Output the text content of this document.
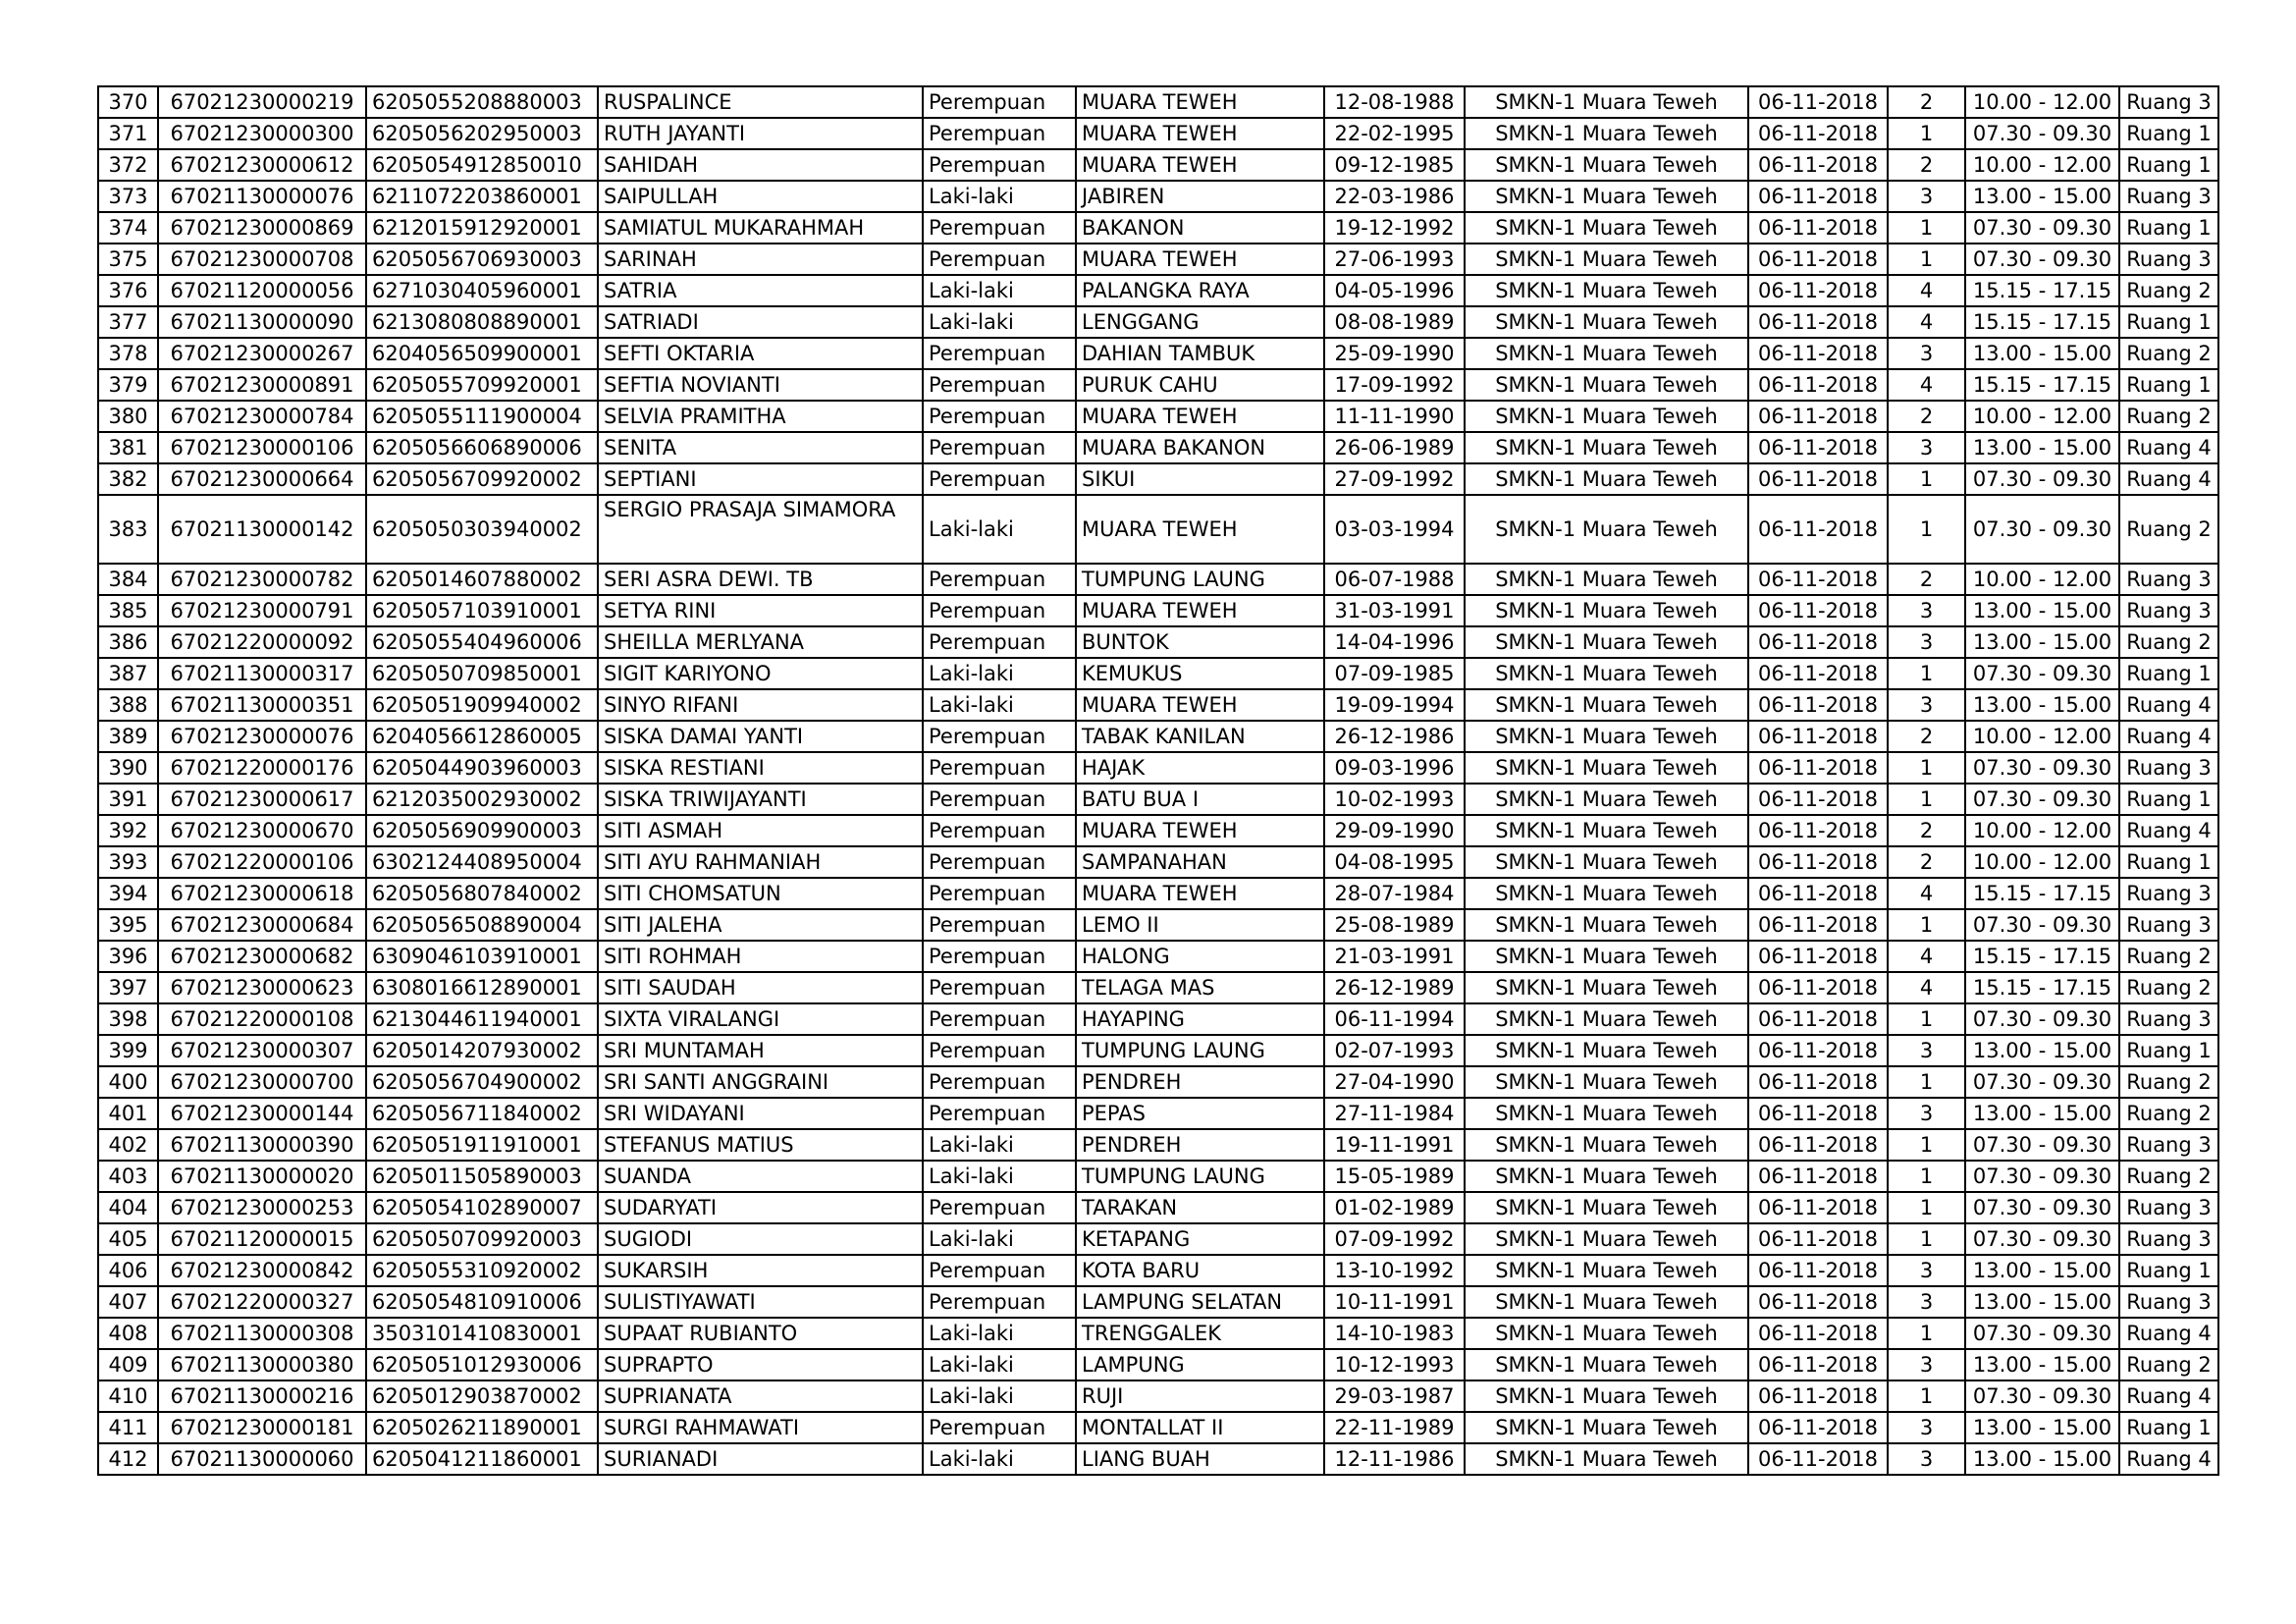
370	67021230000219	6205055208880003	RUSPALINCE	Perempuan	MUARA TEWEH	12-08-1988	SMKN-1 Muara Teweh	06-11-2018	2	10.00 - 12.00	Ruang 3
371	67021230000300	6205056202950003	RUTH JAYANTI	Perempuan	MUARA TEWEH	22-02-1995	SMKN-1 Muara Teweh	06-11-2018	1	07.30 - 09.30	Ruang 1
372	67021230000612	6205054912850010	SAHIDAH	Perempuan	MUARA TEWEH	09-12-1985	SMKN-1 Muara Teweh	06-11-2018	2	10.00 - 12.00	Ruang 1
373	67021130000076	6211072203860001	SAIPULLAH	Laki-laki	JABIREN	22-03-1986	SMKN-1 Muara Teweh	06-11-2018	3	13.00 - 15.00	Ruang 3
374	67021230000869	6212015912920001	SAMIATUL MUKARAHMAH	Perempuan	BAKANON	19-12-1992	SMKN-1 Muara Teweh	06-11-2018	1	07.30 - 09.30	Ruang 1
375	67021230000708	6205056706930003	SARINAH	Perempuan	MUARA TEWEH	27-06-1993	SMKN-1 Muara Teweh	06-11-2018	1	07.30 - 09.30	Ruang 3
376	67021120000056	6271030405960001	SATRIA	Laki-laki	PALANGKA RAYA	04-05-1996	SMKN-1 Muara Teweh	06-11-2018	4	15.15 - 17.15	Ruang 2
377	67021130000090	6213080808890001	SATRIADI	Laki-laki	LENGGANG	08-08-1989	SMKN-1 Muara Teweh	06-11-2018	4	15.15 - 17.15	Ruang 1
378	67021230000267	6204056509900001	SEFTI OKTARIA	Perempuan	DAHIAN TAMBUK	25-09-1990	SMKN-1 Muara Teweh	06-11-2018	3	13.00 - 15.00	Ruang 2
379	67021230000891	6205055709920001	SEFTIA NOVIANTI	Perempuan	PURUK CAHU	17-09-1992	SMKN-1 Muara Teweh	06-11-2018	4	15.15 - 17.15	Ruang 1
380	67021230000784	6205055111900004	SELVIA PRAMITHA	Perempuan	MUARA TEWEH	11-11-1990	SMKN-1 Muara Teweh	06-11-2018	2	10.00 - 12.00	Ruang 2
381	67021230000106	6205056606890006	SENITA	Perempuan	MUARA BAKANON	26-06-1989	SMKN-1 Muara Teweh	06-11-2018	3	13.00 - 15.00	Ruang 4
382	67021230000664	6205056709920002	SEPTIANI	Perempuan	SIKUI	27-09-1992	SMKN-1 Muara Teweh	06-11-2018	1	07.30 - 09.30	Ruang 4
383	67021130000142	6205050303940002	SERGIO PRASAJA SIMAMORA	Laki-laki	MUARA TEWEH	03-03-1994	SMKN-1 Muara Teweh	06-11-2018	1	07.30 - 09.30	Ruang 2
384	67021230000782	6205014607880002	SERI ASRA DEWI. TB	Perempuan	TUMPUNG LAUNG	06-07-1988	SMKN-1 Muara Teweh	06-11-2018	2	10.00 - 12.00	Ruang 3
385	67021230000791	6205057103910001	SETYA RINI	Perempuan	MUARA TEWEH	31-03-1991	SMKN-1 Muara Teweh	06-11-2018	3	13.00 - 15.00	Ruang 3
386	67021220000092	6205055404960006	SHEILLA MERLYANA	Perempuan	BUNTOK	14-04-1996	SMKN-1 Muara Teweh	06-11-2018	3	13.00 - 15.00	Ruang 2
387	67021130000317	6205050709850001	SIGIT KARIYONO	Laki-laki	KEMUKUS	07-09-1985	SMKN-1 Muara Teweh	06-11-2018	1	07.30 - 09.30	Ruang 1
388	67021130000351	6205051909940002	SINYO RIFANI	Laki-laki	MUARA TEWEH	19-09-1994	SMKN-1 Muara Teweh	06-11-2018	3	13.00 - 15.00	Ruang 4
389	67021230000076	6204056612860005	SISKA DAMAI YANTI	Perempuan	TABAK KANILAN	26-12-1986	SMKN-1 Muara Teweh	06-11-2018	2	10.00 - 12.00	Ruang 4
390	67021220000176	6205044903960003	SISKA RESTIANI	Perempuan	HAJAK	09-03-1996	SMKN-1 Muara Teweh	06-11-2018	1	07.30 - 09.30	Ruang 3
391	67021230000617	6212035002930002	SISKA TRIWIJAYANTI	Perempuan	BATU BUA I	10-02-1993	SMKN-1 Muara Teweh	06-11-2018	1	07.30 - 09.30	Ruang 1
392	67021230000670	6205056909900003	SITI ASMAH	Perempuan	MUARA TEWEH	29-09-1990	SMKN-1 Muara Teweh	06-11-2018	2	10.00 - 12.00	Ruang 4
393	67021220000106	6302124408950004	SITI AYU RAHMANIAH	Perempuan	SAMPANAHAN	04-08-1995	SMKN-1 Muara Teweh	06-11-2018	2	10.00 - 12.00	Ruang 1
394	67021230000618	6205056807840002	SITI CHOMSATUN	Perempuan	MUARA TEWEH	28-07-1984	SMKN-1 Muara Teweh	06-11-2018	4	15.15 - 17.15	Ruang 3
395	67021230000684	6205056508890004	SITI JALEHA	Perempuan	LEMO II	25-08-1989	SMKN-1 Muara Teweh	06-11-2018	1	07.30 - 09.30	Ruang 3
396	67021230000682	6309046103910001	SITI ROHMAH	Perempuan	HALONG	21-03-1991	SMKN-1 Muara Teweh	06-11-2018	4	15.15 - 17.15	Ruang 2
397	67021230000623	6308016612890001	SITI SAUDAH	Perempuan	TELAGA MAS	26-12-1989	SMKN-1 Muara Teweh	06-11-2018	4	15.15 - 17.15	Ruang 2
398	67021220000108	6213044611940001	SIXTA VIRALANGI	Perempuan	HAYAPING	06-11-1994	SMKN-1 Muara Teweh	06-11-2018	1	07.30 - 09.30	Ruang 3
399	67021230000307	6205014207930002	SRI MUNTAMAH	Perempuan	TUMPUNG LAUNG	02-07-1993	SMKN-1 Muara Teweh	06-11-2018	3	13.00 - 15.00	Ruang 1
400	67021230000700	6205056704900002	SRI SANTI ANGGRAINI	Perempuan	PENDREH	27-04-1990	SMKN-1 Muara Teweh	06-11-2018	1	07.30 - 09.30	Ruang 2
401	67021230000144	6205056711840002	SRI WIDAYANI	Perempuan	PEPAS	27-11-1984	SMKN-1 Muara Teweh	06-11-2018	3	13.00 - 15.00	Ruang 2
402	67021130000390	6205051911910001	STEFANUS MATIUS	Laki-laki	PENDREH	19-11-1991	SMKN-1 Muara Teweh	06-11-2018	1	07.30 - 09.30	Ruang 3
403	67021130000020	6205011505890003	SUANDA	Laki-laki	TUMPUNG LAUNG	15-05-1989	SMKN-1 Muara Teweh	06-11-2018	1	07.30 - 09.30	Ruang 2
404	67021230000253	6205054102890007	SUDARYATI	Perempuan	TARAKAN	01-02-1989	SMKN-1 Muara Teweh	06-11-2018	1	07.30 - 09.30	Ruang 3
405	67021120000015	6205050709920003	SUGIODI	Laki-laki	KETAPANG	07-09-1992	SMKN-1 Muara Teweh	06-11-2018	1	07.30 - 09.30	Ruang 3
406	67021230000842	6205055310920002	SUKARSIH	Perempuan	KOTA BARU	13-10-1992	SMKN-1 Muara Teweh	06-11-2018	3	13.00 - 15.00	Ruang 1
407	67021220000327	6205054810910006	SULISTIYAWATI	Perempuan	LAMPUNG SELATAN	10-11-1991	SMKN-1 Muara Teweh	06-11-2018	3	13.00 - 15.00	Ruang 3
408	67021130000308	3503101410830001	SUPAAT RUBIANTO	Laki-laki	TRENGGALEK	14-10-1983	SMKN-1 Muara Teweh	06-11-2018	1	07.30 - 09.30	Ruang 4
409	67021130000380	6205051012930006	SUPRAPTO	Laki-laki	LAMPUNG	10-12-1993	SMKN-1 Muara Teweh	06-11-2018	3	13.00 - 15.00	Ruang 2
410	67021130000216	6205012903870002	SUPRIANATA	Laki-laki	RUJI	29-03-1987	SMKN-1 Muara Teweh	06-11-2018	1	07.30 - 09.30	Ruang 4
411	67021230000181	6205026211890001	SURGI RAHMAWATI	Perempuan	MONTALLAT II	22-11-1989	SMKN-1 Muara Teweh	06-11-2018	3	13.00 - 15.00	Ruang 1
412	67021130000060	6205041211860001	SURIANADI	Laki-laki	LIANG BUAH	12-11-1986	SMKN-1 Muara Teweh	06-11-2018	3	13.00 - 15.00	Ruang 4
